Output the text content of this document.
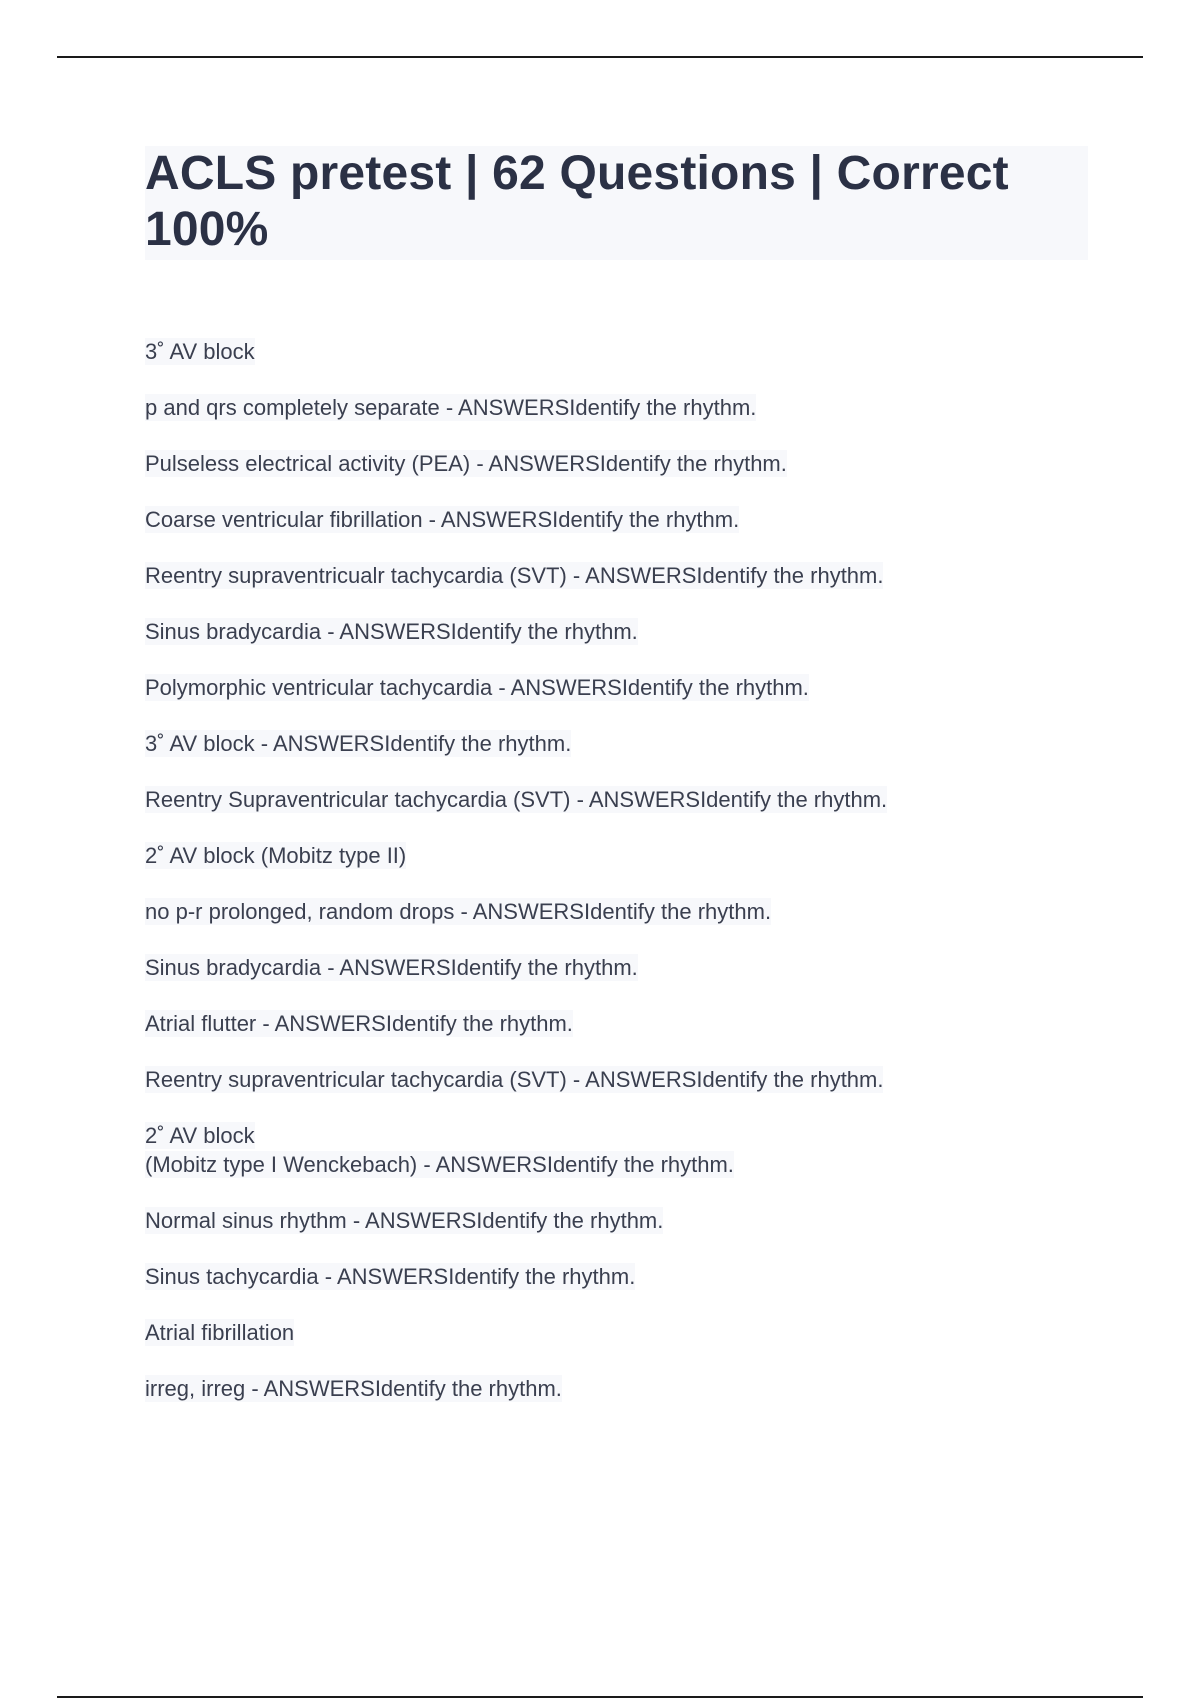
ACLS pretest | 62 Questions | Correct 100%
3˚ AV block
p and qrs completely separate - ANSWERSIdentify the rhythm.
Pulseless electrical activity (PEA) - ANSWERSIdentify the rhythm.
Coarse ventricular fibrillation - ANSWERSIdentify the rhythm.
Reentry supraventricualr tachycardia (SVT) - ANSWERSIdentify the rhythm.
Sinus bradycardia - ANSWERSIdentify the rhythm.
Polymorphic ventricular tachycardia - ANSWERSIdentify the rhythm.
3˚ AV block - ANSWERSIdentify the rhythm.
Reentry Supraventricular tachycardia (SVT) - ANSWERSIdentify the rhythm.
2˚ AV block (Mobitz type II)
no p-r prolonged, random drops - ANSWERSIdentify the rhythm.
Sinus bradycardia - ANSWERSIdentify the rhythm.
Atrial flutter - ANSWERSIdentify the rhythm.
Reentry supraventricular tachycardia (SVT) - ANSWERSIdentify the rhythm.
2˚ AV block
(Mobitz type I Wenckebach) - ANSWERSIdentify the rhythm.
Normal sinus rhythm - ANSWERSIdentify the rhythm.
Sinus tachycardia - ANSWERSIdentify the rhythm.
Atrial fibrillation
irreg, irreg - ANSWERSIdentify the rhythm.
